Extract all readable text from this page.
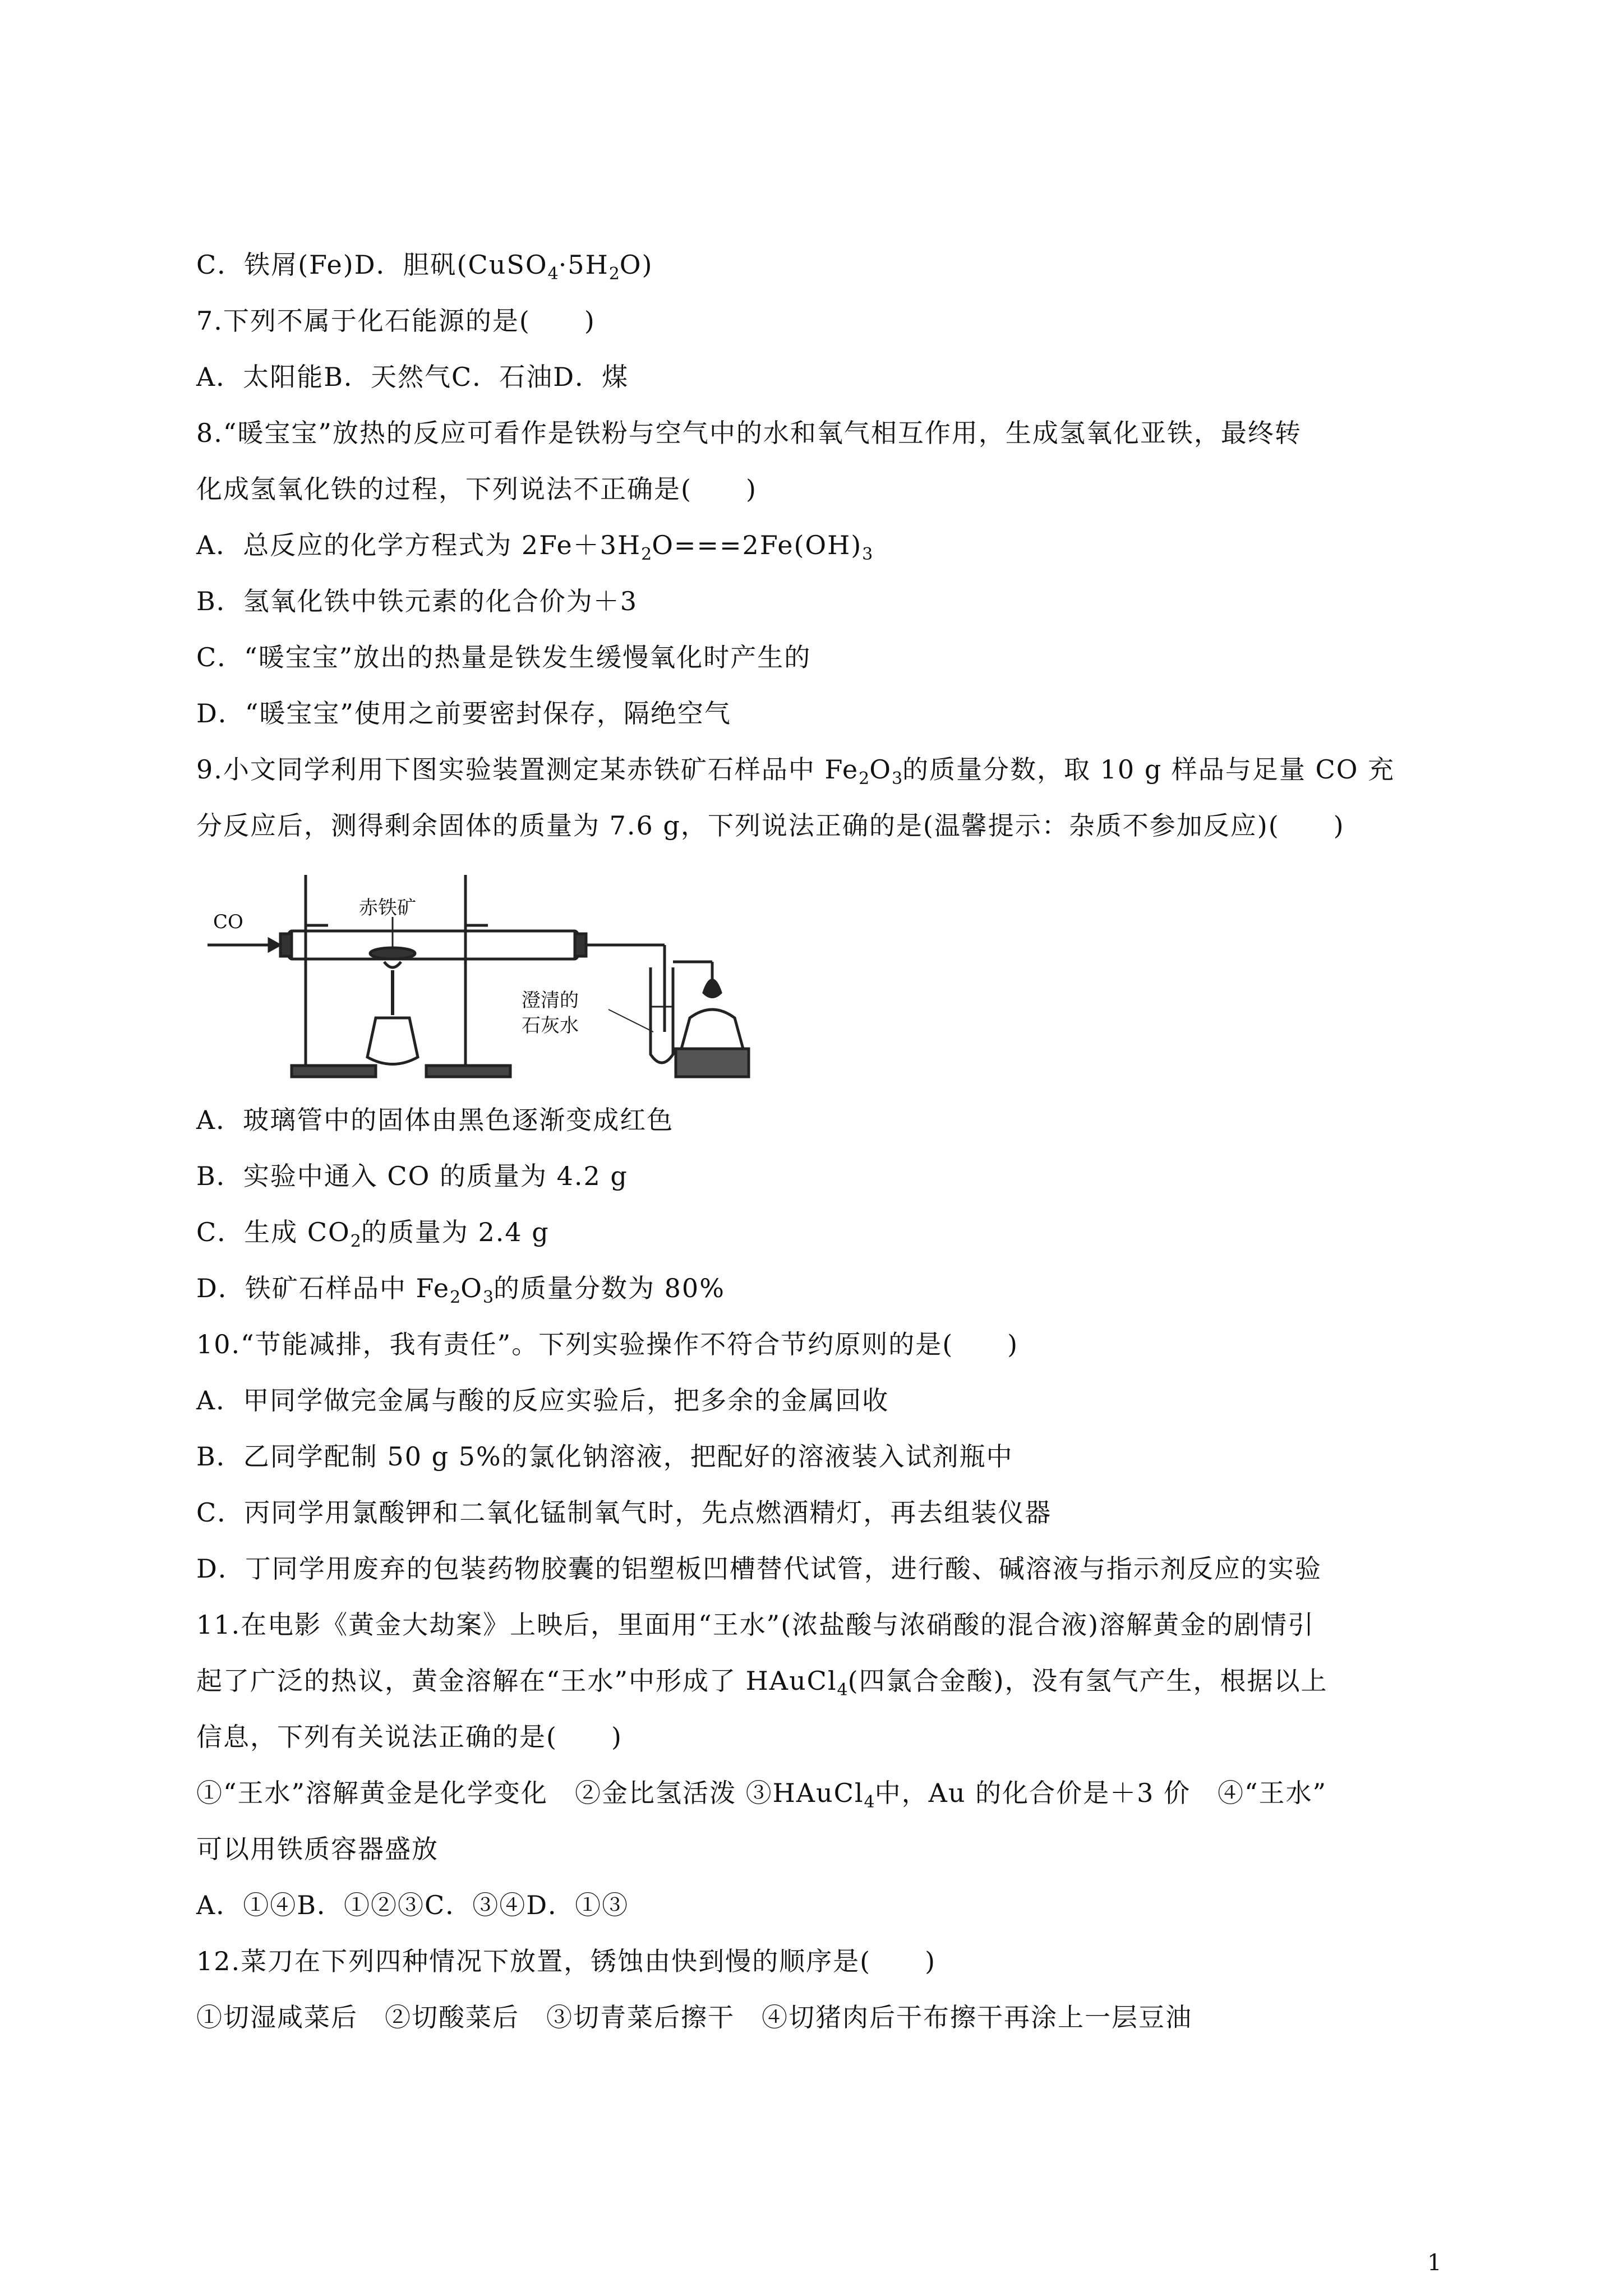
C．铁屑(Fe)D．胆矾$(CuSO_4\cdot 5H_2O)$
7.下列不属于化石能源的是(　　)
A．太阳能B．天然气C．石油D．煤
8.“暖宝宝”放热的反应可看作是铁粉与空气中的水和氧气相互作用，生成氢氧化亚铁，最终转
化成氢氧化铁的过程，下列说法不正确是(　　)
A．总反应的化学方程式为 $2Fe+3H_2O===2Fe(OH)_3$
B．氢氧化铁中铁元素的化合价为＋3
C．“暖宝宝”放出的热量是铁发生缓慢氧化时产生的
D．“暖宝宝”使用之前要密封保存，隔绝空气
9.小文同学利用下图实验装置测定某赤铁矿石样品中 $Fe_2O_3$的质量分数，取 10 g 样品与足量 CO 充
分反应后，测得剩余固体的质量为 7.6 g，下列说法正确的是(温馨提示：杂质不参加反应)(　　)
CO
赤铁矿
澄清的
石灰水
A．玻璃管中的固体由黑色逐渐变成红色
B．实验中通入 CO 的质量为 4.2 g
C．生成 $CO_2$的质量为 2.4 g
D．铁矿石样品中 $Fe_2O_3$的质量分数为 80%
10.“节能减排，我有责任”。下列实验操作不符合节约原则的是(　　)
A．甲同学做完金属与酸的反应实验后，把多余的金属回收
B．乙同学配制 50 g 5%的氯化钠溶液，把配好的溶液装入试剂瓶中
C．丙同学用氯酸钾和二氧化锰制氧气时，先点燃酒精灯，再去组装仪器
D．丁同学用废弃的包装药物胶囊的铝塑板凹槽替代试管，进行酸、碱溶液与指示剂反应的实验
11.在电影《黄金大劫案》上映后，里面用“王水”(浓盐酸与浓硝酸的混合液)溶解黄金的剧情引
起了广泛的热议，黄金溶解在“王水”中形成了 HAuCl$_4$(四氯合金酸)，没有氢气产生，根据以上
信息，下列有关说法正确的是(　　)
①“王水”溶解黄金是化学变化　②金比氢活泼 ③HAuCl$_4$中，Au 的化合价是＋3 价　④“王水”
可以用铁质容器盛放
A．①④B．①②③C．③④D．①③
12.菜刀在下列四种情况下放置，锈蚀由快到慢的顺序是(　　)
①切湿咸菜后　②切酸菜后　③切青菜后擦干　④切猪肉后干布擦干再涂上一层豆油
1
